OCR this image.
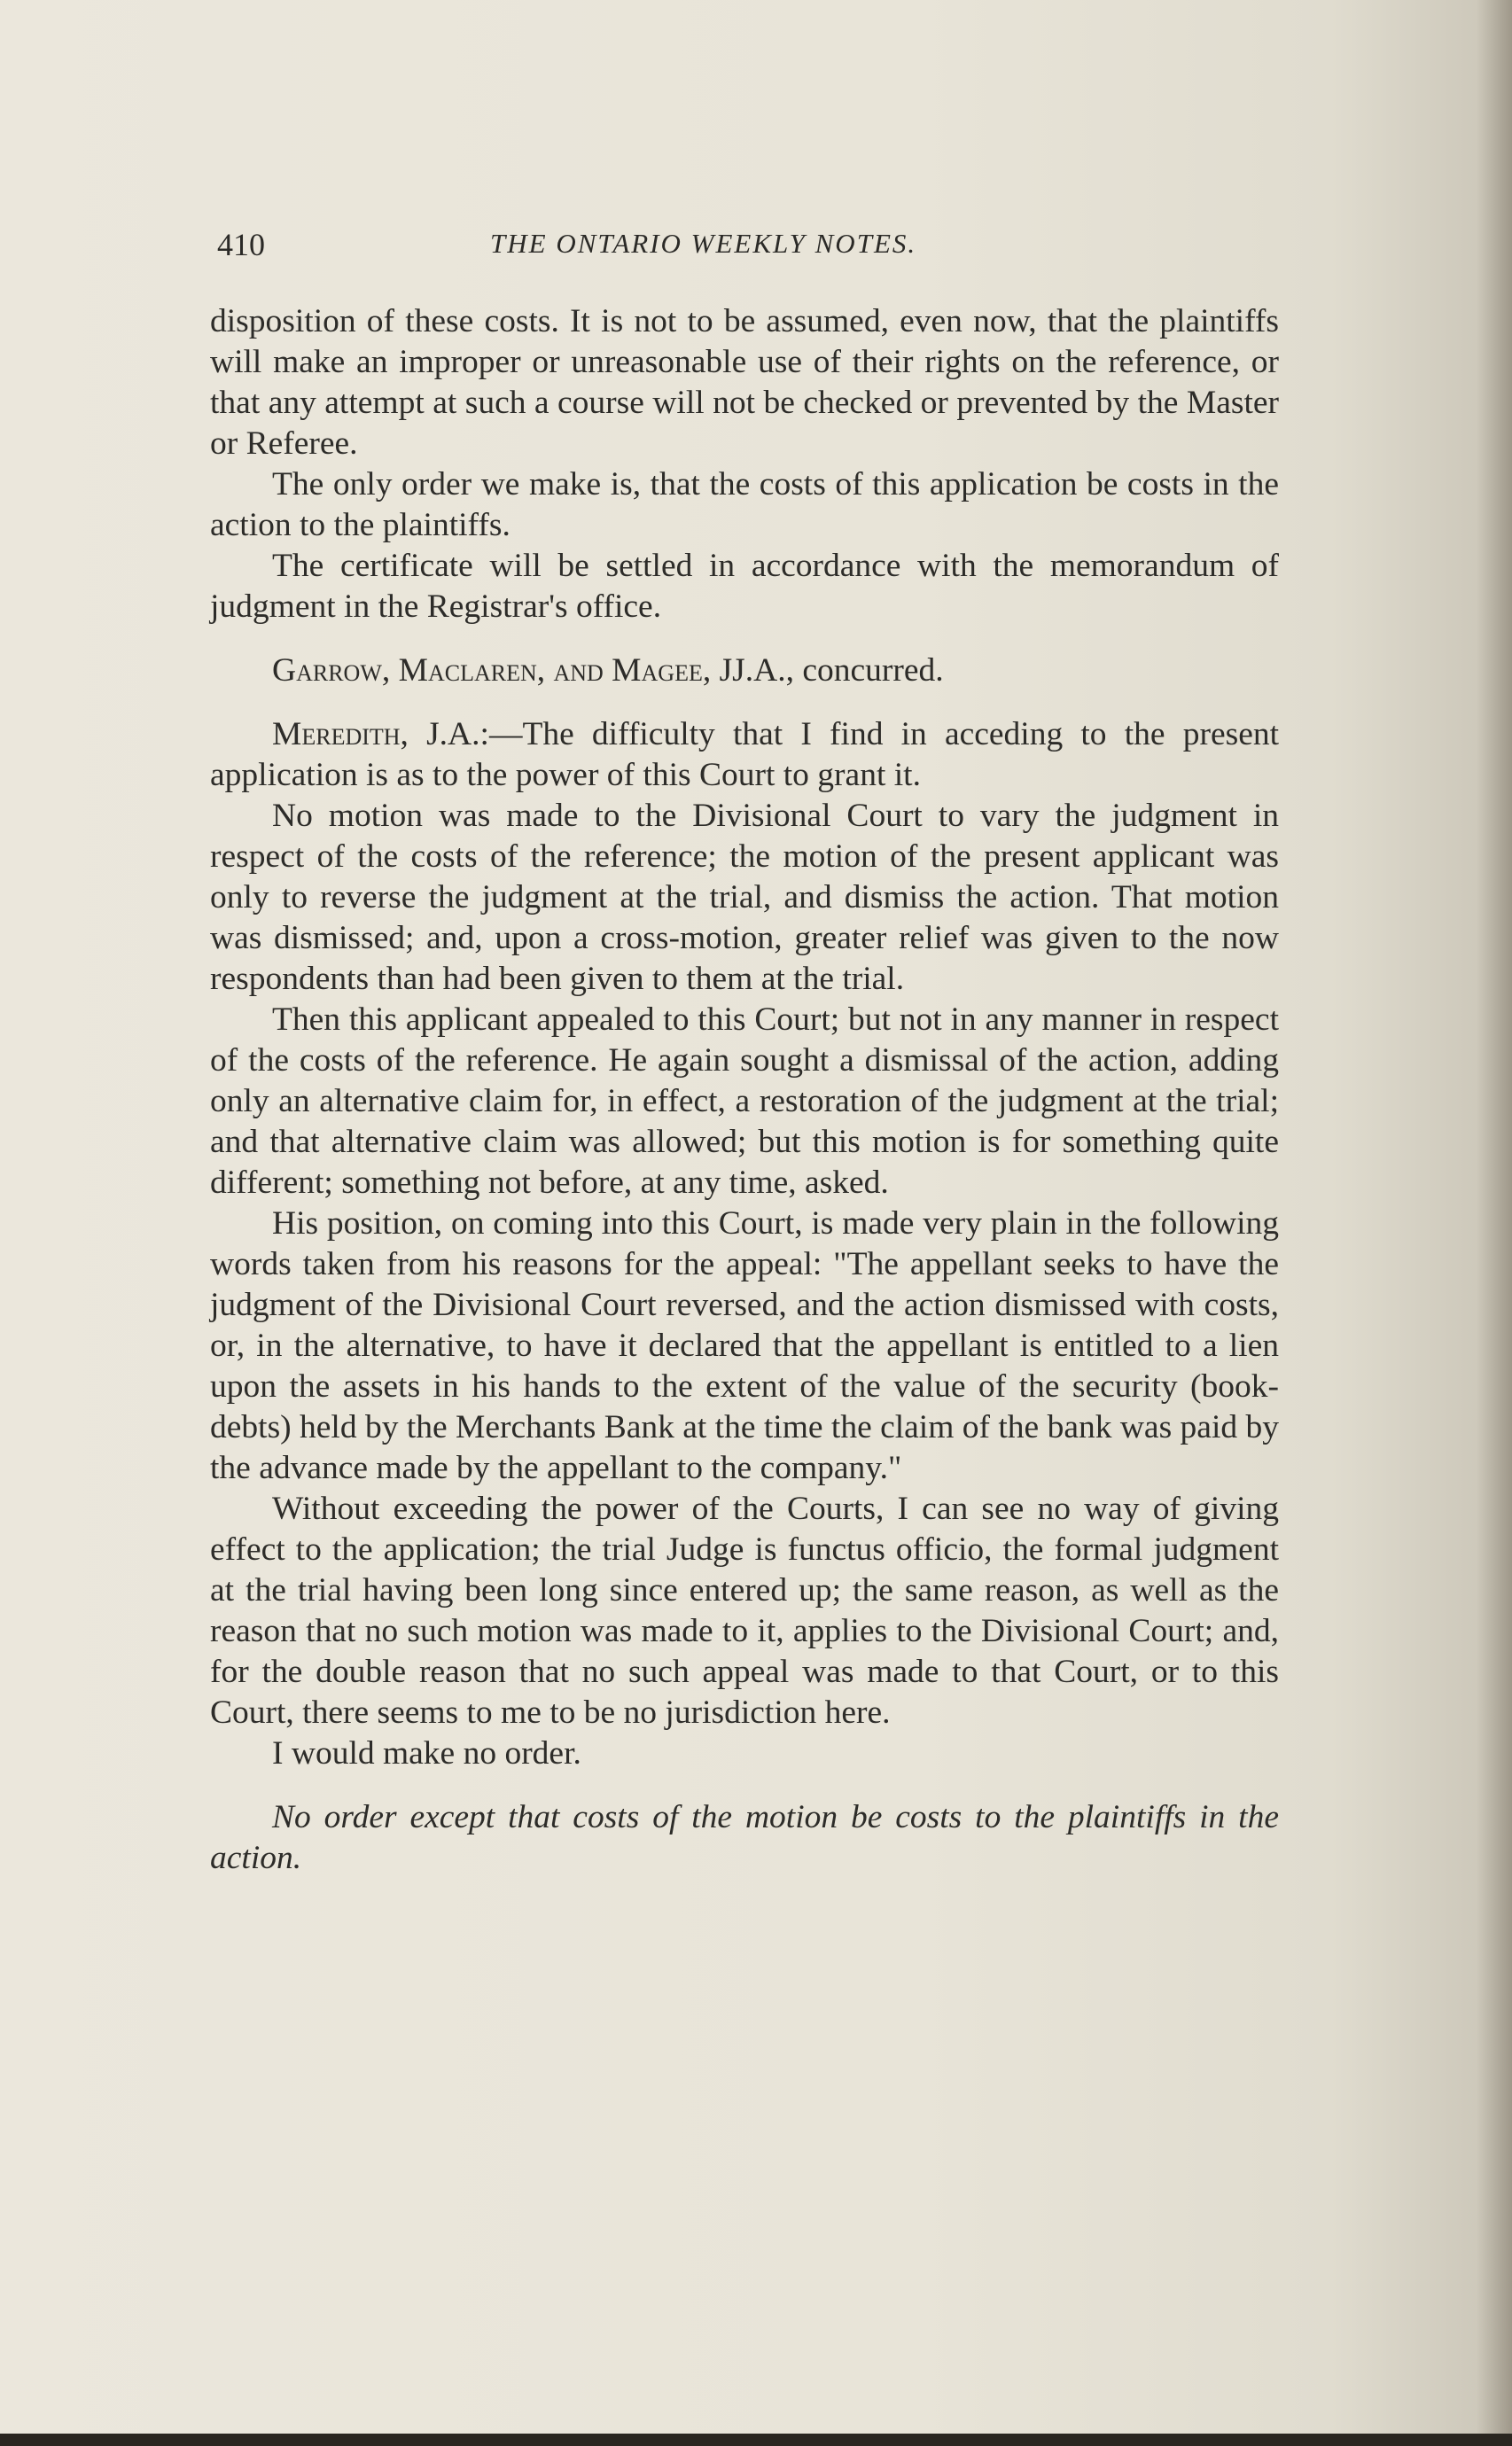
410	THE ONTARIO WEEKLY NOTES.

disposition of these costs. It is not to be assumed, even now, that the plaintiffs will make an improper or unreasonable use of their rights on the reference, or that any attempt at such a course will not be checked or prevented by the Master or Referee.

The only order we make is, that the costs of this application be costs in the action to the plaintiffs.

The certificate will be settled in accordance with the memorandum of judgment in the Registrar's office.

Garrow, Maclaren, and Magee, JJ.A., concurred.

Meredith, J.A.:—The difficulty that I find in acceding to the present application is as to the power of this Court to grant it.

No motion was made to the Divisional Court to vary the judgment in respect of the costs of the reference; the motion of the present applicant was only to reverse the judgment at the trial, and dismiss the action. That motion was dismissed; and, upon a cross-motion, greater relief was given to the now respondents than had been given to them at the trial.

Then this applicant appealed to this Court; but not in any manner in respect of the costs of the reference. He again sought a dismissal of the action, adding only an alternative claim for, in effect, a restoration of the judgment at the trial; and that alternative claim was allowed; but this motion is for something quite different; something not before, at any time, asked.

His position, on coming into this Court, is made very plain in the following words taken from his reasons for the appeal: "The appellant seeks to have the judgment of the Divisional Court reversed, and the action dismissed with costs, or, in the alternative, to have it declared that the appellant is entitled to a lien upon the assets in his hands to the extent of the value of the security (book-debts) held by the Merchants Bank at the time the claim of the bank was paid by the advance made by the appellant to the company."

Without exceeding the power of the Courts, I can see no way of giving effect to the application; the trial Judge is functus officio, the formal judgment at the trial having been long since entered up; the same reason, as well as the reason that no such motion was made to it, applies to the Divisional Court; and, for the double reason that no such appeal was made to that Court, or to this Court, there seems to me to be no jurisdiction here.

I would make no order.

No order except that costs of the motion be costs to the plaintiffs in the action.
